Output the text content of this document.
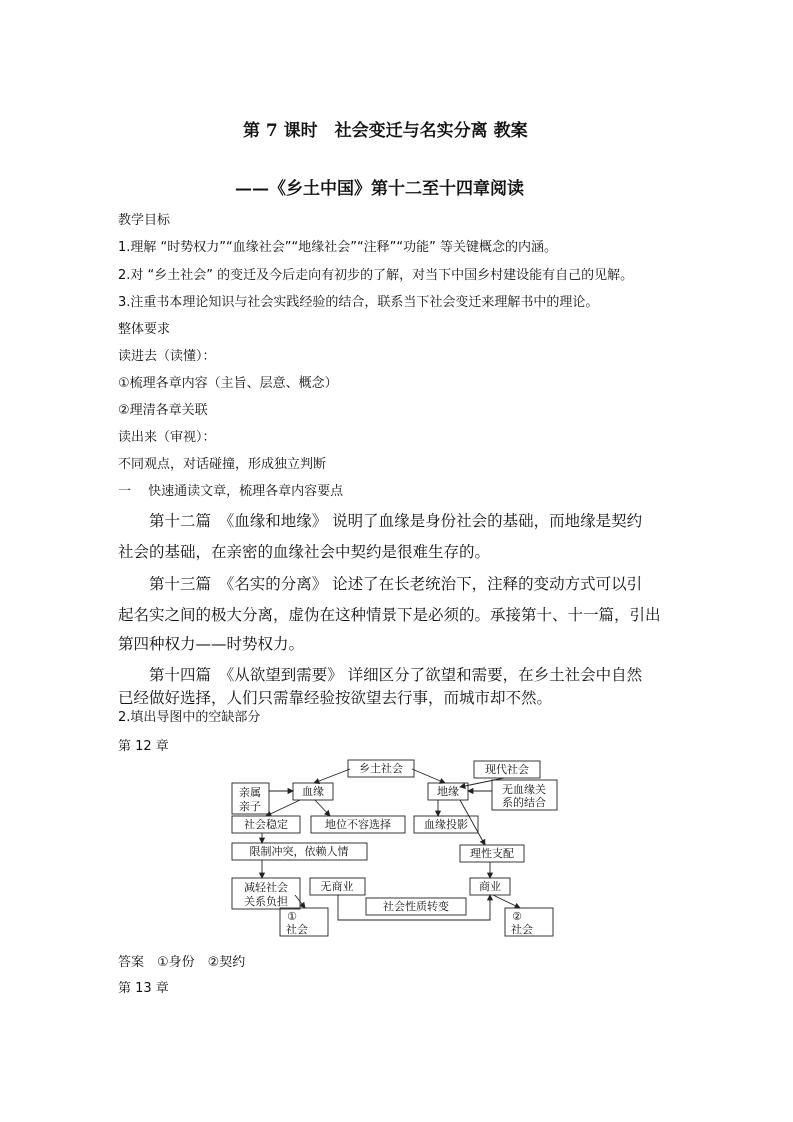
第 7 课时　社会变迁与名实分离 教案
——《乡土中国》第十二至十四章阅读
教学目标
1.理解 “时势权力”“血缘社会”“地缘社会”“注释”“功能” 等关键概念的内涵。
2.对 “乡土社会” 的变迁及今后走向有初步的了解，对当下中国乡村建设能有自己的见解。
3.注重书本理论知识与社会实践经验的结合，联系当下社会变迁来理解书中的理论。
整体要求
读进去（读懂）：
①梳理各章内容（主旨、层意、概念）
②理清各章关联
读出来（审视）：
不同观点，对话碰撞，形成独立判断
一　 快速通读文章，梳理各章内容要点
　　第十二篇　《血缘和地缘》 说明了血缘是身份社会的基础，而地缘是契约
社会的基础，在亲密的血缘社会中契约是很难生存的。
　　第十三篇　《名实的分离》 论述了在长老统治下，注释的变动方式可以引
起名实之间的极大分离，虚伪在这种情景下是必须的。承接第十、十一篇，引出
第四种权力——时势权力。
　　第十四篇　《从欲望到需要》 详细区分了欲望和需要，在乡土社会中自然
已经做好选择，人们只需靠经验按欲望去行事，而城市却不然。
2.填出导图中的空缺部分
第 12 章
乡土社会	现代社会
亲属
亲子
血缘	地缘	无血缘关
系的结合
社会稳定	地位不容选择	血缘投影
限制冲突，依赖人情	理性支配
减轻社会
关系负担
无商业	商业
①
社会
社会性质转变
②
社会
答案　①身份　②契约
第 13 章
